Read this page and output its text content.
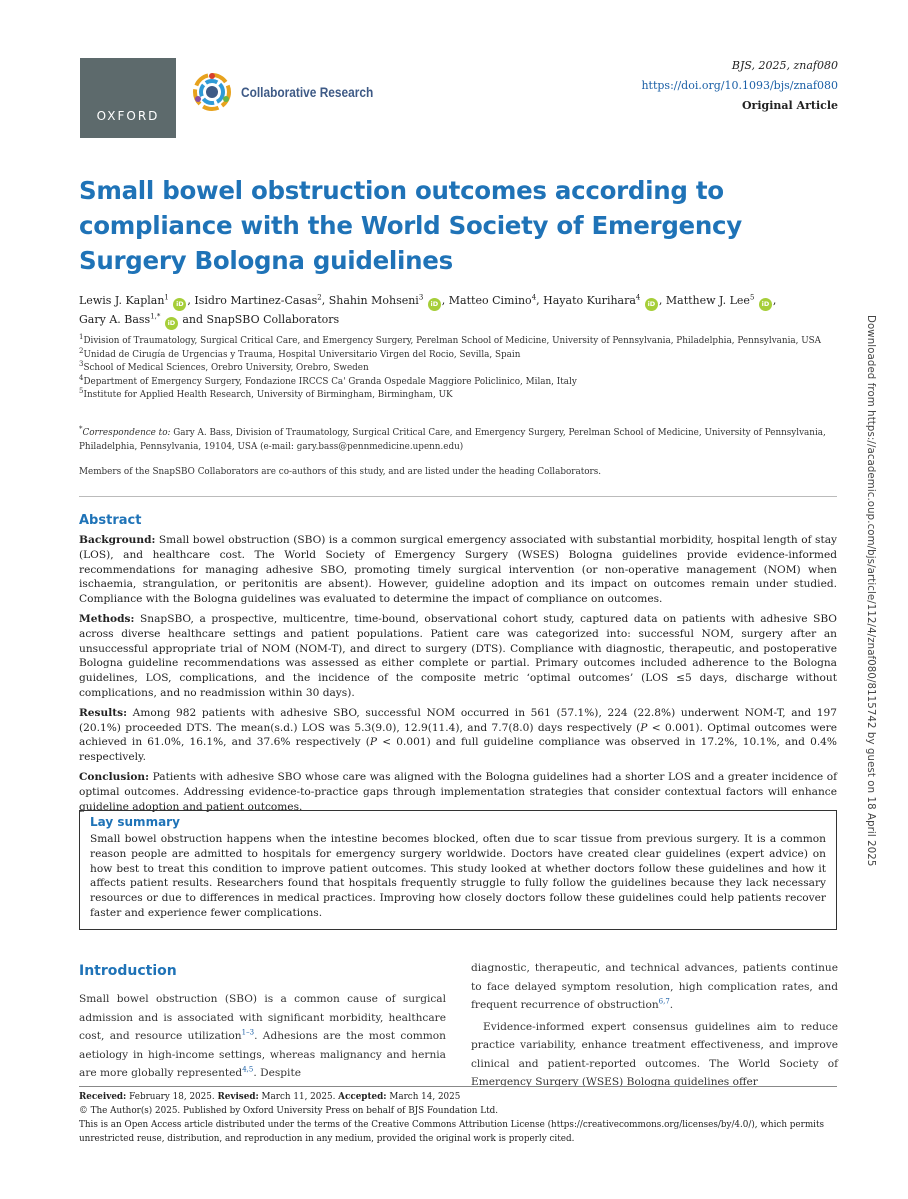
OXFORD
Collaborative Research
BJS, 2025, znaf080
https://doi.org/10.1093/bjs/znaf080
Original Article
Small bowel obstruction outcomes according to compliance with the World Society of Emergency Surgery Bologna guidelines
Lewis J. Kaplan$^1$ iD , Isidro Martinez-Casas$^2$, Shahin Mohseni$^3$ iD , Matteo Cimino$^4$, Hayato Kurihara$^4$ iD , Matthew J. Lee$^5$ iD ,
Gary A. Bass$^{1,*}$ iD and SnapSBO Collaborators
$^1$Division of Traumatology, Surgical Critical Care, and Emergency Surgery, Perelman School of Medicine, University of Pennsylvania, Philadelphia, Pennsylvania, USA
$^2$Unidad de Cirugía de Urgencias y Trauma, Hospital Universitario Virgen del Rocio, Sevilla, Spain
$^3$School of Medical Sciences, Orebro University, Orebro, Sweden
$^4$Department of Emergency Surgery, Fondazione IRCCS Ca' Granda Ospedale Maggiore Policlinico, Milan, Italy
$^5$Institute for Applied Health Research, University of Birmingham, Birmingham, UK
*Correspondence to: Gary A. Bass, Division of Traumatology, Surgical Critical Care, and Emergency Surgery, Perelman School of Medicine, University of Pennsylvania, Philadelphia, Pennsylvania, 19104, USA (e-mail: gary.bass@pennmedicine.upenn.edu)
Members of the SnapSBO Collaborators are co-authors of this study, and are listed under the heading Collaborators.
Abstract

Background: Small bowel obstruction (SBO) is a common surgical emergency associated with substantial morbidity, hospital length of stay (LOS), and healthcare cost. The World Society of Emergency Surgery (WSES) Bologna guidelines provide evidence-informed recommendations for managing adhesive SBO, promoting timely surgical intervention (or non-operative management (NOM) when ischaemia, strangulation, or peritonitis are absent). However, guideline adoption and its impact on outcomes remain under studied. Compliance with the Bologna guidelines was evaluated to determine the impact of compliance on outcomes.

Methods: SnapSBO, a prospective, multicentre, time-bound, observational cohort study, captured data on patients with adhesive SBO across diverse healthcare settings and patient populations. Patient care was categorized into: successful NOM, surgery after an unsuccessful appropriate trial of NOM (NOM-T), and direct to surgery (DTS). Compliance with diagnostic, therapeutic, and postoperative Bologna guideline recommendations was assessed as either complete or partial. Primary outcomes included adherence to the Bologna guidelines, LOS, complications, and the incidence of the composite metric ‘optimal outcomes’ (LOS ≤5 days, discharge without complications, and no readmission within 30 days).

Results: Among 982 patients with adhesive SBO, successful NOM occurred in 561 (57.1%), 224 (22.8%) underwent NOM-T, and 197 (20.1%) proceeded DTS. The mean(s.d.) LOS was 5.3(9.0), 12.9(11.4), and 7.7(8.0) days respectively (P < 0.001). Optimal outcomes were achieved in 61.0%, 16.1%, and 37.6% respectively (P < 0.001) and full guideline compliance was observed in 17.2%, 10.1%, and 0.4% respectively.

Conclusion: Patients with adhesive SBO whose care was aligned with the Bologna guidelines had a shorter LOS and a greater incidence of optimal outcomes. Addressing evidence-to-practice gaps through implementation strategies that consider contextual factors will enhance guideline adoption and patient outcomes.

Lay summary
Small bowel obstruction happens when the intestine becomes blocked, often due to scar tissue from previous surgery. It is a common reason people are admitted to hospitals for emergency surgery worldwide. Doctors have created clear guidelines (expert advice) on how best to treat this condition to improve patient outcomes. This study looked at whether doctors follow these guidelines and how it affects patient results. Researchers found that hospitals frequently struggle to fully follow the guidelines because they lack necessary resources or due to differences in medical practices. Improving how closely doctors follow these guidelines could help patients recover faster and experience fewer complications.
Introduction
Small bowel obstruction (SBO) is a common cause of surgical admission and is associated with significant morbidity, healthcare cost, and resource utilization$^{1-3}$. Adhesions are the most common aetiology in high-income settings, whereas malignancy and hernia are more globally represented$^{4,5}$. Despite

diagnostic, therapeutic, and technical advances, patients continue to face delayed symptom resolution, high complication rates, and frequent recurrence of obstruction$^{6,7}$.

Evidence-informed expert consensus guidelines aim to reduce practice variability, enhance treatment effectiveness, and improve clinical and patient-reported outcomes. The World Society of Emergency Surgery (WSES) Bologna guidelines offer

Received: February 18, 2025. Revised: March 11, 2025. Accepted: March 14, 2025
© The Author(s) 2025. Published by Oxford University Press on behalf of BJS Foundation Ltd.
This is an Open Access article distributed under the terms of the Creative Commons Attribution License (https://creativecommons.org/licenses/by/4.0/), which permits unrestricted reuse, distribution, and reproduction in any medium, provided the original work is properly cited.
Downloaded from https://academic.oup.com/bjs/article/112/4/znaf080/8115742 by guest on 18 April 2025
